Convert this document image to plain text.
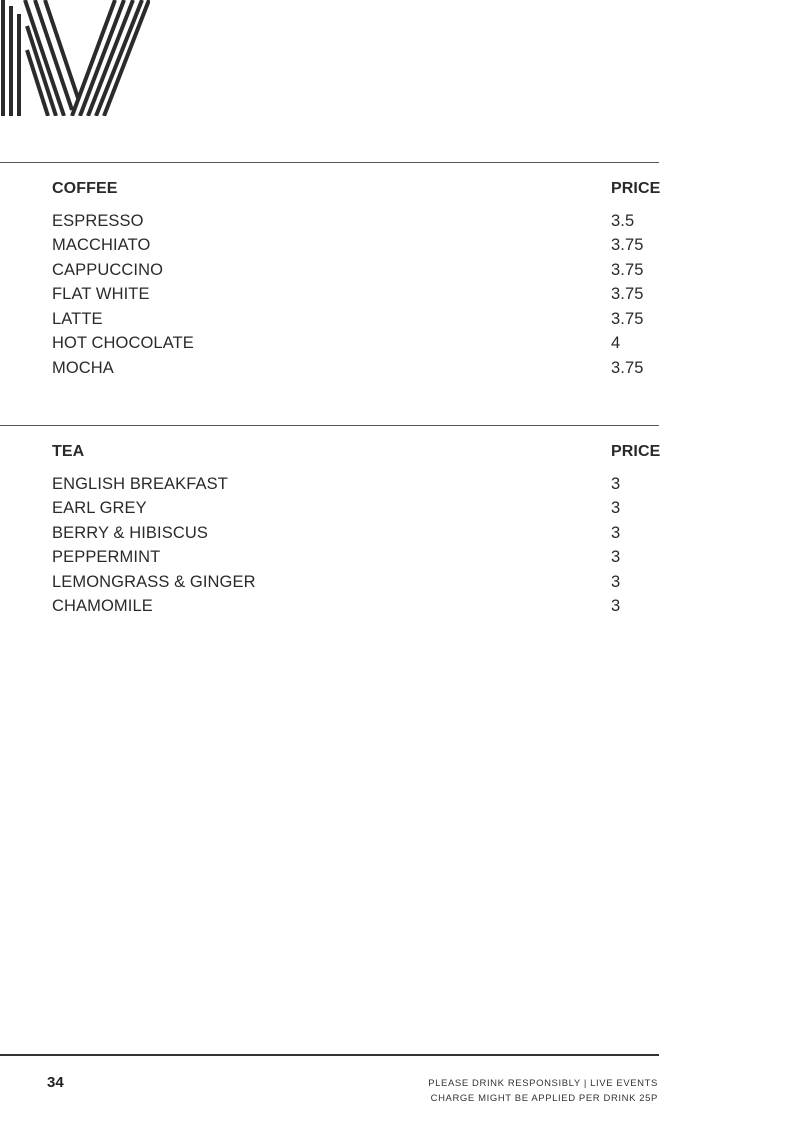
COFFEE	PRICE
ESPRESSO	3.5
MACCHIATO	3.75
CAPPUCCINO	3.75
FLAT WHITE	3.75
LATTE	3.75
HOT CHOCOLATE	4
MOCHA	3.75
TEA	PRICE
ENGLISH BREAKFAST	3
EARL GREY	3
BERRY & HIBISCUS	3
PEPPERMINT	3
LEMONGRASS & GINGER	3
CHAMOMILE	3
34	PLEASE DRINK RESPONSIBLY | LIVE EVENTS
CHARGE MIGHT BE APPLIED PER DRINK 25P
